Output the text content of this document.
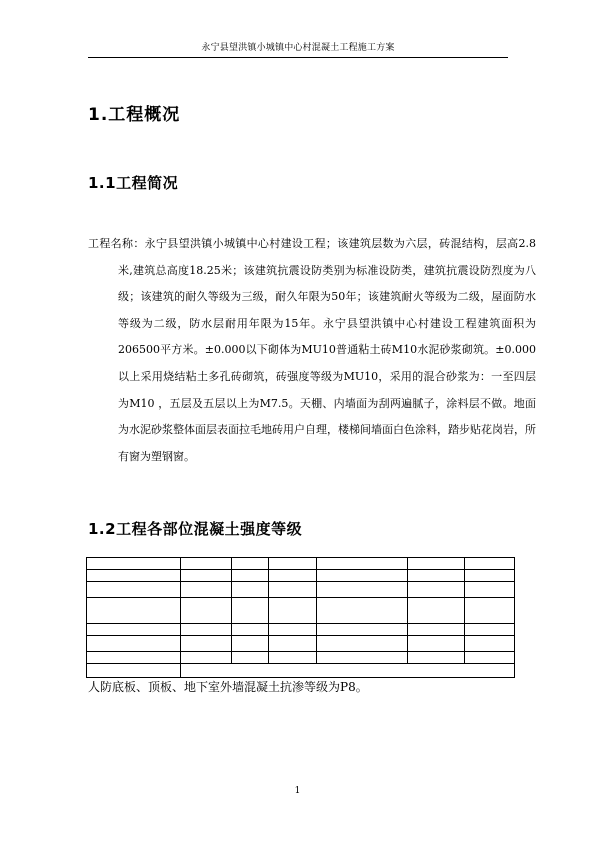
永宁县望洪镇小城镇中心村混凝土工程施工方案
1.工程概况
1.1工程简况

工程名称：永宁县望洪镇小城镇中心村建设工程；该建筑层数为六层，砖混结构，层高2.8米,建筑总高度18.25米；该建筑抗震设防类别为标准设防类，建筑抗震设防烈度为八级；该建筑的耐久等级为三级，耐久年限为50年；该建筑耐火等级为二级，屋面防水等级为二级，防水层耐用年限为15年。永宁县望洪镇中心村建设工程建筑面积为206500平方米。±0.000以下砌体为MU10普通粘土砖M10水泥砂浆砌筑。±0.000以上采用烧结粘土多孔砖砌筑，砖强度等级为MU10，采用的混合砂浆为：一至四层为M10 ，五层及五层以上为M7.5。天棚、内墙面为刮两遍腻子，涂料层不做。地面为水泥砂浆整体面层表面拉毛地砖用户自理，楼梯间墙面白色涂料，踏步贴花岗岩，所有窗为塑钢窗。

1.2工程各部位混凝土强度等级

人防底板、顶板、地下室外墙混凝土抗渗等级为P8。
1
